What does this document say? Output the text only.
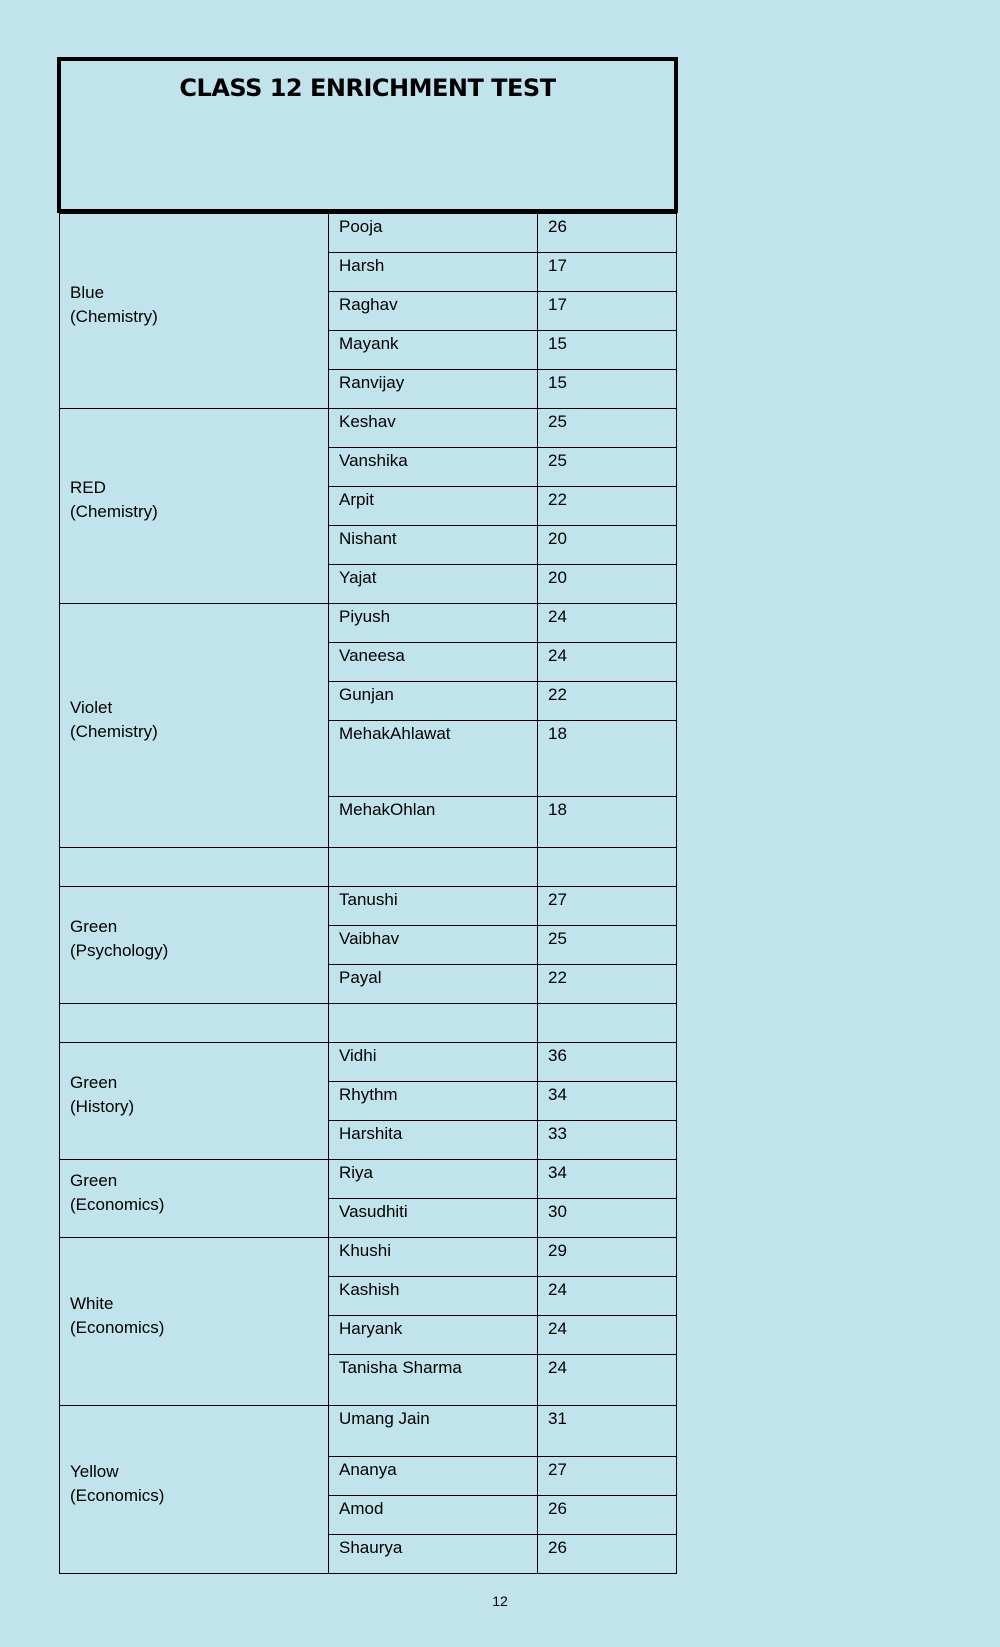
CLASS 12 ENRICHMENT TEST
Blue
(Chemistry)	Pooja	26
	Harsh	17
	Raghav	17
	Mayank	15
	Ranvijay	15

RED
(Chemistry)	Keshav	25
	Vanshika	25
	Arpit	22
	Nishant	20
	Yajat	20

Violet
(Chemistry)	Piyush	24
	Vaneesa	24
	Gunjan	22
	MehakAhlawat	18
	MehakOhlan	18

Green
(Psychology)	Tanushi	27
	Vaibhav	25
	Payal	22

Green
(History)	Vidhi	36
	Rhythm	34
	Harshita	33

Green
(Economics)	Riya	34
	Vasudhiti	30

White
(Economics)	Khushi	29
	Kashish	24
	Haryank	24
	Tanisha Sharma	24

Yellow
(Economics)	Umang Jain	31
	Ananya	27
	Amod	26
	Shaurya	26
12
